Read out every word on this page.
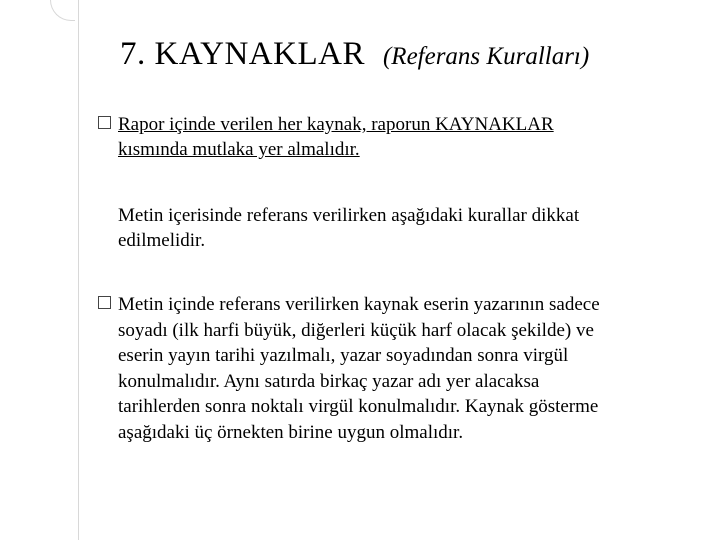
7. KAYNAKLAR (Referans Kuralları)
Rapor içinde verilen her kaynak, raporun KAYNAKLAR
kısmında mutlaka yer almalıdır.
Metin içerisinde referans verilirken aşağıdaki kurallar dikkat
edilmelidir.
Metin içinde referans verilirken kaynak eserin yazarının sadece
soyadı (ilk harfi büyük, diğerleri küçük harf olacak şekilde) ve
eserin yayın tarihi yazılmalı, yazar soyadından sonra virgül
konulmalıdır. Aynı satırda birkaç yazar adı yer alacaksa
tarihlerden sonra noktalı virgül konulmalıdır. Kaynak gösterme
aşağıdaki üç örnekten birine uygun olmalıdır.
